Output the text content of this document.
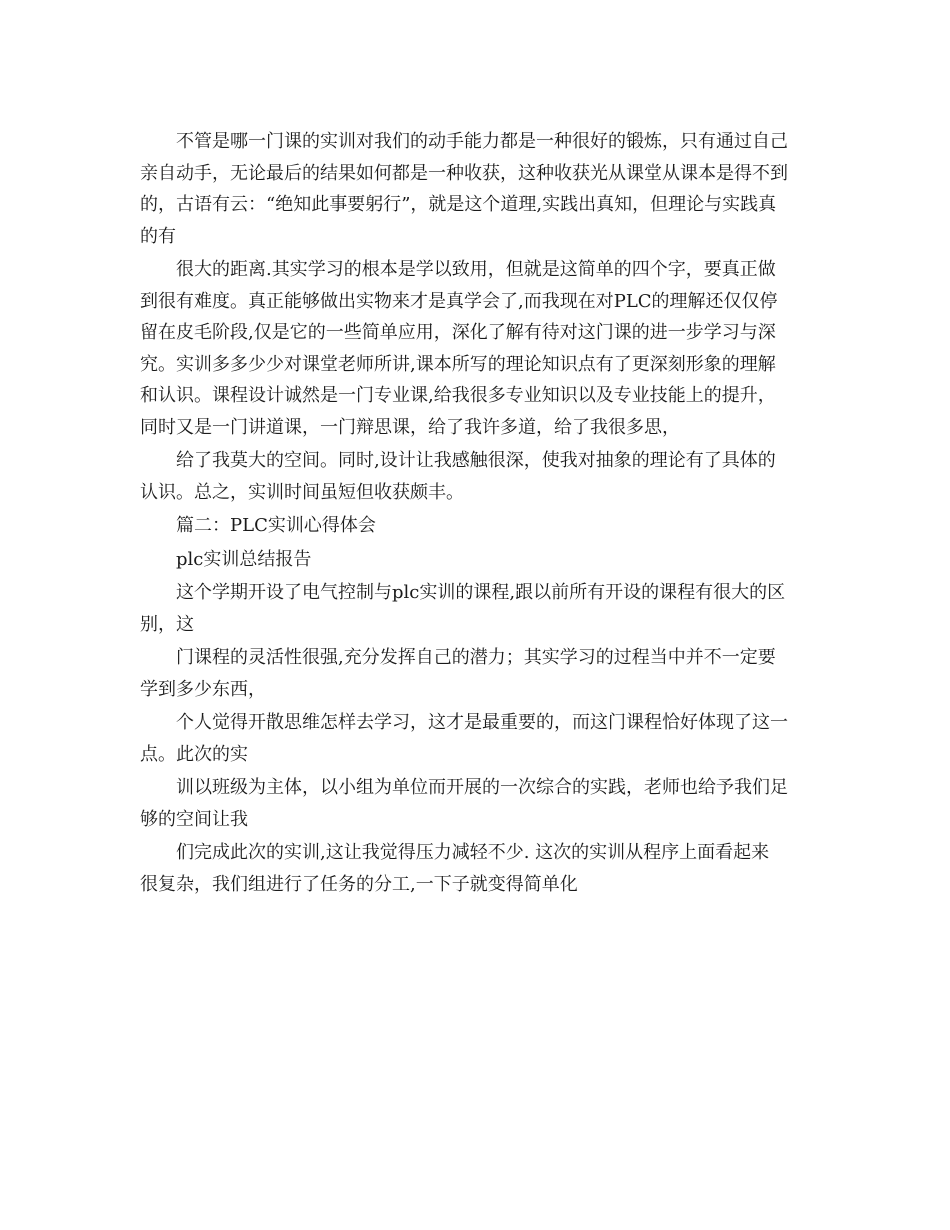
不管是哪一门课的实训对我们的动手能力都是一种很好的锻炼，只有通过自己
亲自动手，无论最后的结果如何都是一种收获，这种收获光从课堂从课本是得不到
的，古语有云：“绝知此事要躬行”，就是这个道理,实践出真知，但理论与实践真
的有
很大的距离.其实学习的根本是学以致用，但就是这简单的四个字，要真正做
到很有难度。真正能够做出实物来才是真学会了,而我现在对PLC的理解还仅仅停
留在皮毛阶段,仅是它的一些简单应用，深化了解有待对这门课的进一步学习与深
究。实训多多少少对课堂老师所讲,课本所写的理论知识点有了更深刻形象的理解
和认识。课程设计诚然是一门专业课,给我很多专业知识以及专业技能上的提升，
同时又是一门讲道课，一门辩思课，给了我许多道，给了我很多思，
给了我莫大的空间。同时,设计让我感触很深，使我对抽象的理论有了具体的
认识。总之，实训时间虽短但收获颇丰。
篇二：PLC实训心得体会
plc实训总结报告
这个学期开设了电气控制与plc实训的课程,跟以前所有开设的课程有很大的区
别，这
门课程的灵活性很强,充分发挥自己的潜力；其实学习的过程当中并不一定要
学到多少东西，
个人觉得开散思维怎样去学习，这才是最重要的，而这门课程恰好体现了这一
点。此次的实
训以班级为主体，以小组为单位而开展的一次综合的实践，老师也给予我们足
够的空间让我
们完成此次的实训,这让我觉得压力减轻不少. 这次的实训从程序上面看起来
很复杂，我们组进行了任务的分工,一下子就变得简单化
